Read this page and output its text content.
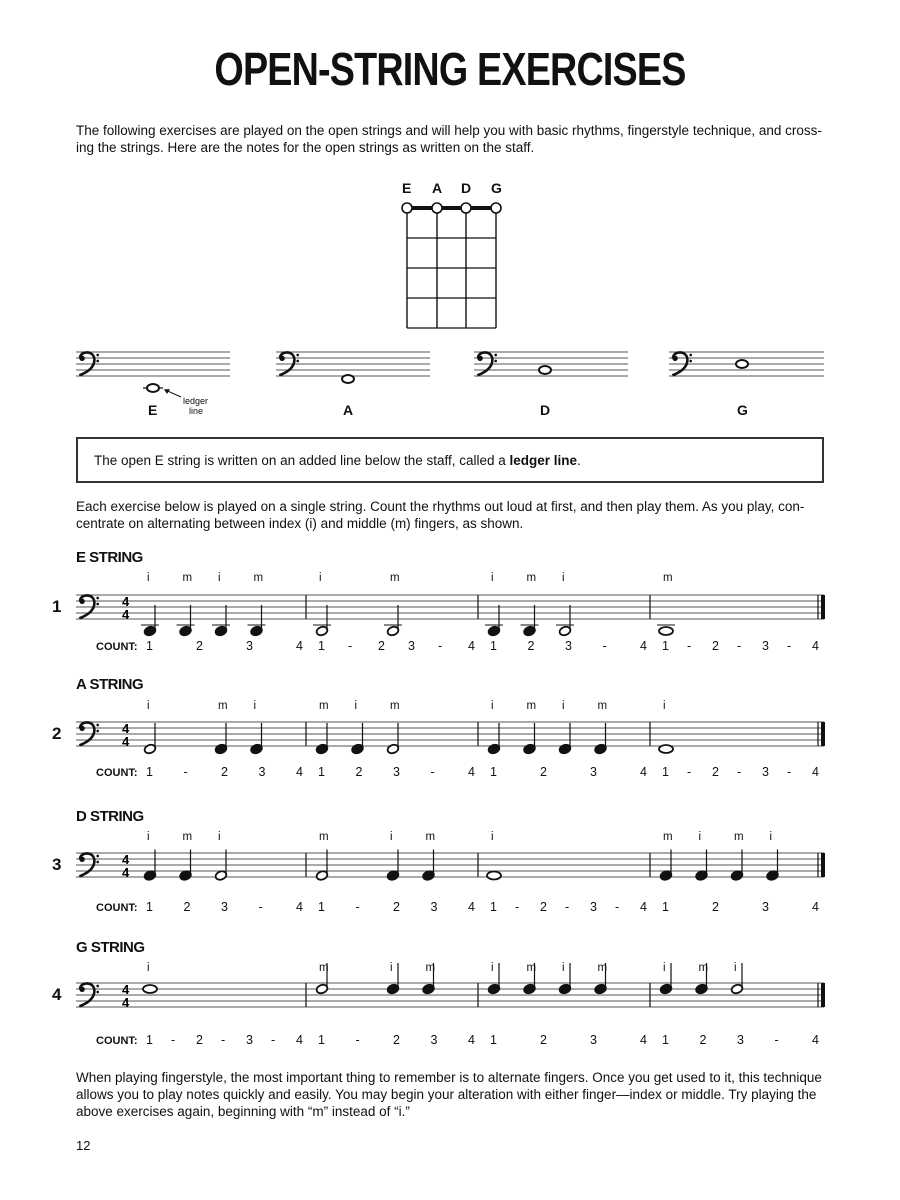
OPEN-STRING EXERCISES
The following exercises are played on the open strings and will help you with basic rhythms, fingerstyle technique, and cross-
ing the strings. Here are the notes for the open strings as written on the staff.
E A D G
E
ledger
line	A	D	G
The open E string is written on an added line below the staff, called a ledger line.
Each exercise below is played on a single string. Count the rhythms out loud at first, and then play them. As you play, con-
centrate on alternating between index (i) and middle (m) fingers, as shown.
4
4
4
4
4
4
4
4
E STRING
1
COUNT:
i	m i	m
1	2	3	4
i	m
1 - 2 3 - 4
i	m i
1 2 3 -	4
m
1 - 2 - 3 - 4
A STRING
2
COUNT:
i	m i
1 -	2 3 4
m i	m
1 2 3 -	4
i	m i	m
1	2	3	4
i
1 - 2 - 3 - 4
D STRING
3
COUNT:
i	m i
1 2 3 -	4
m	i	m
1 -	2 3 4
i
1 - 2 - 3 - 4
m i	m i
1	2	3	4
G STRING
4
COUNT:
i
1 - 2 - 3 - 4
m	i	m
1 -	2 3 4
i	m i	m
1	2	3	4
i	m i
1 2 3 -	4
When playing fingerstyle, the most important thing to remember is to alternate fingers. Once you get used to it, this technique
allows you to play notes quickly and easily. You may begin your alteration with either finger—index or middle. Try playing the
above exercises again, beginning with “m” instead of “i.”
12
